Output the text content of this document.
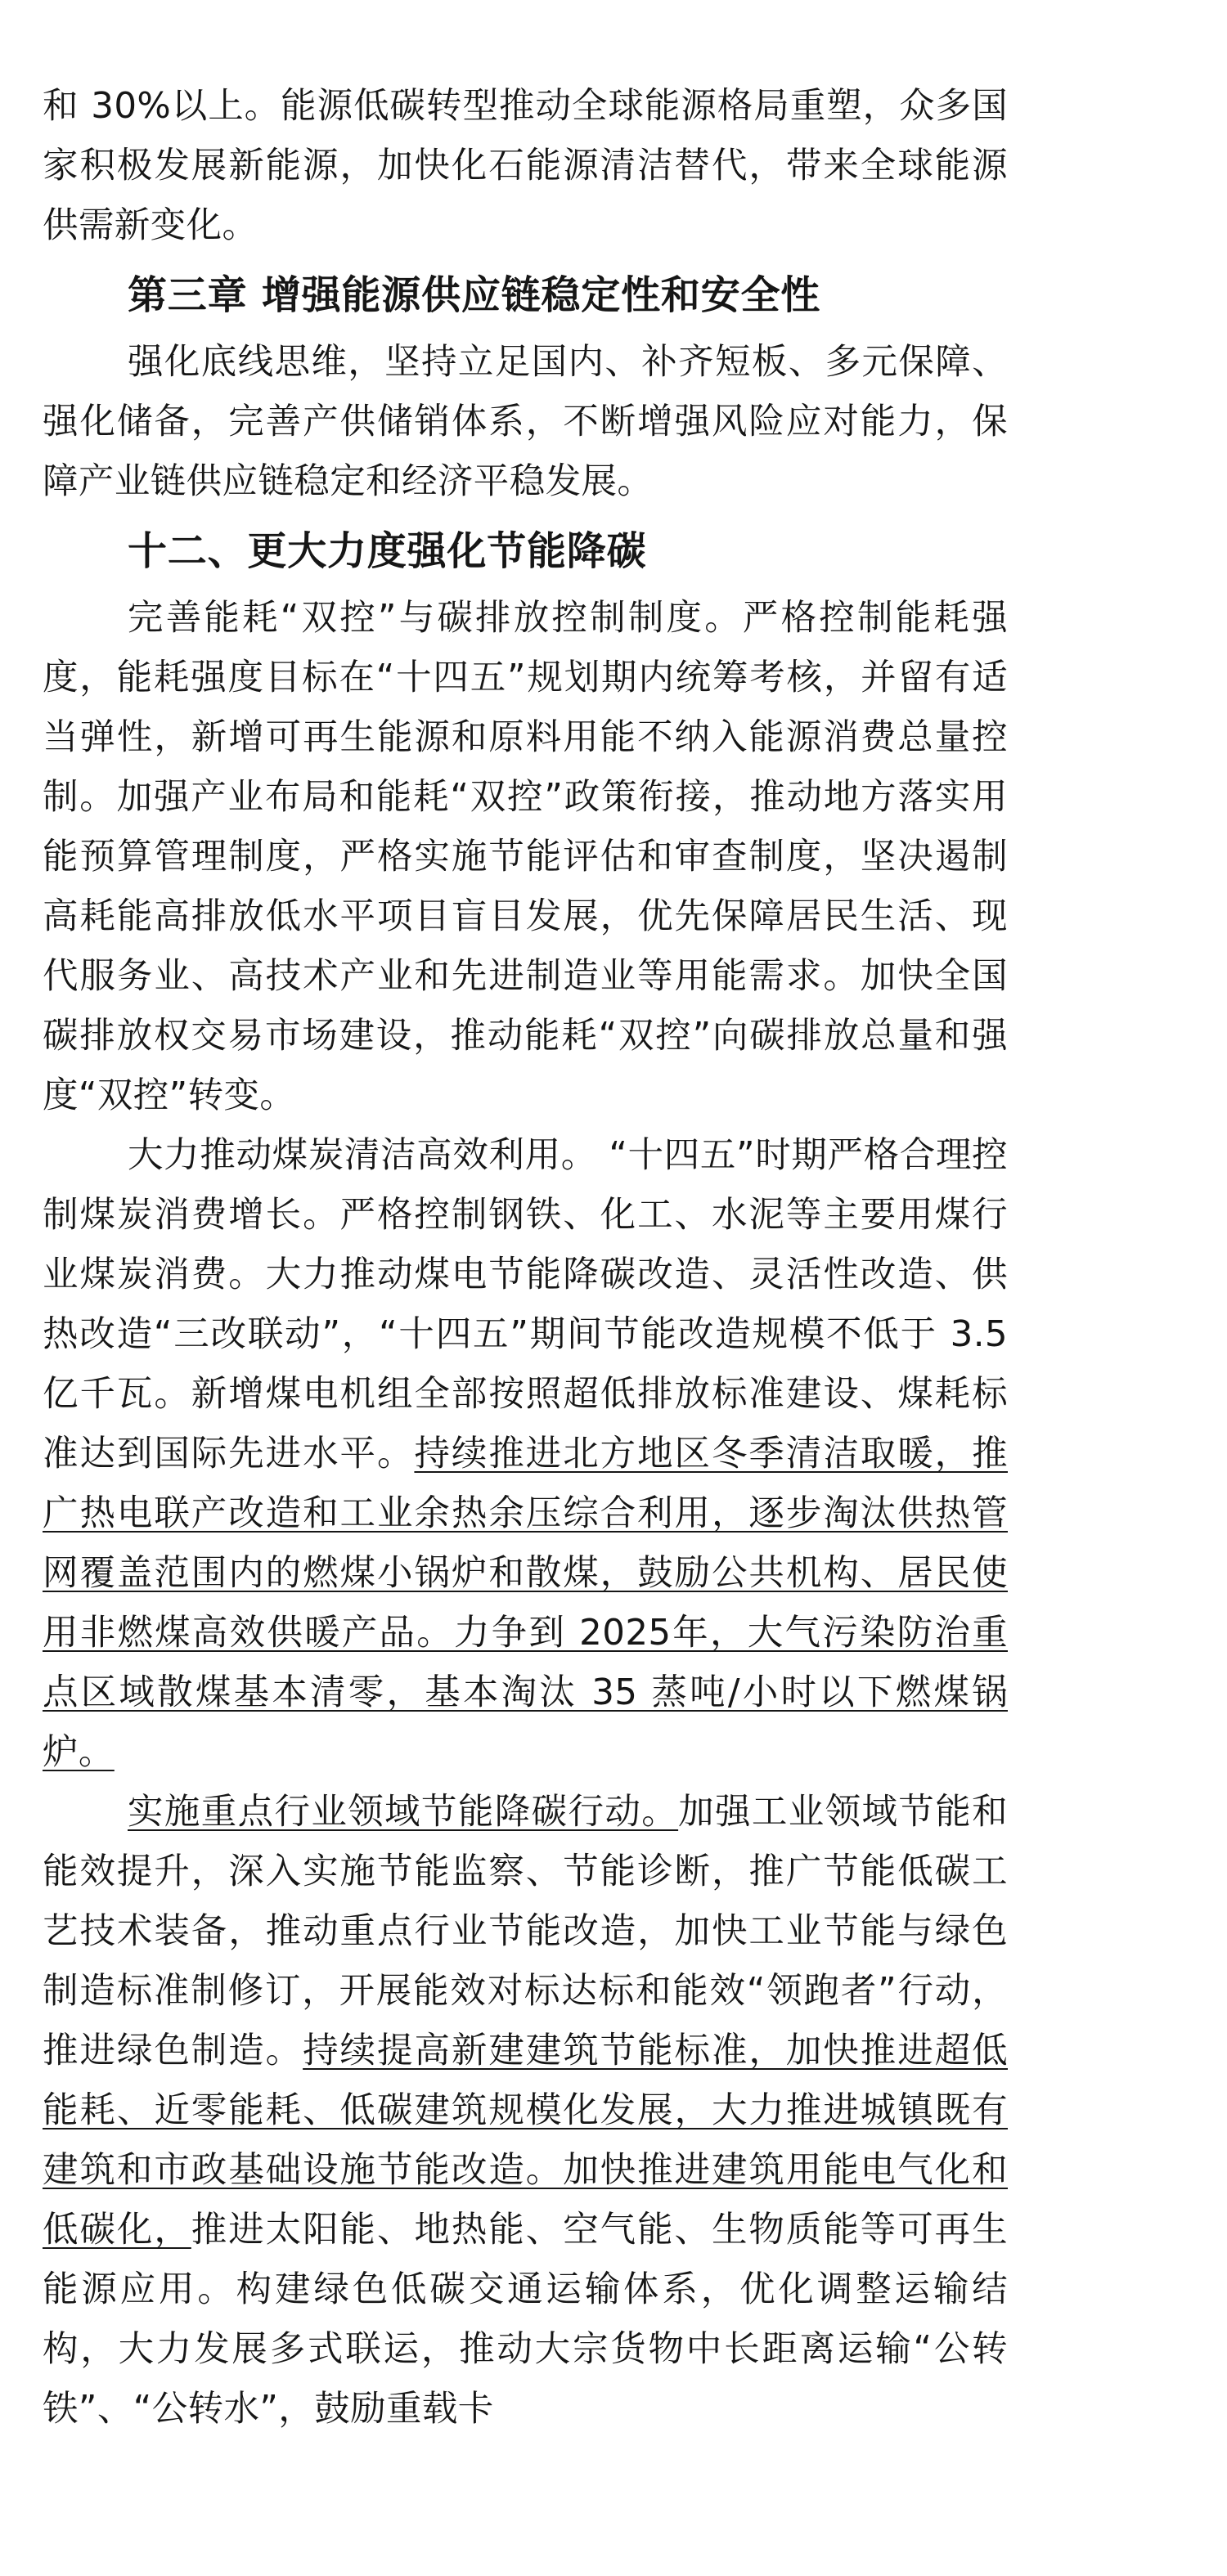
和 30%以上。能源低碳转型推动全球能源格局重塑，众多国家积极发展新能源，加快化石能源清洁替代，带来全球能源供需新变化。

第三章 增强能源供应链稳定性和安全性

强化底线思维，坚持立足国内、补齐短板、多元保障、强化储备，完善产供储销体系，不断增强风险应对能力，保障产业链供应链稳定和经济平稳发展。

十二、更大力度强化节能降碳

完善能耗“双控”与碳排放控制制度。严格控制能耗强度，能耗强度目标在“十四五”规划期内统筹考核，并留有适当弹性，新增可再生能源和原料用能不纳入能源消费总量控制。加强产业布局和能耗“双控”政策衔接，推动地方落实用能预算管理制度，严格实施节能评估和审查制度，坚决遏制高耗能高排放低水平项目盲目发展，优先保障居民生活、现代服务业、高技术产业和先进制造业等用能需求。加快全国碳排放权交易市场建设，推动能耗“双控”向碳排放总量和强度“双控”转变。

大力推动煤炭清洁高效利用。 “十四五”时期严格合理控制煤炭消费增长。严格控制钢铁、化工、水泥等主要用煤行业煤炭消费。大力推动煤电节能降碳改造、灵活性改造、供热改造“三改联动”，“十四五”期间节能改造规模不低于 3.5 亿千瓦。新增煤电机组全部按照超低排放标准建设、煤耗标准达到国际先进水平。持续推进北方地区冬季清洁取暖，推广热电联产改造和工业余热余压综合利用，逐步淘汰供热管网覆盖范围内的燃煤小锅炉和散煤，鼓励公共机构、居民使用非燃煤高效供暖产品。力争到 2025年，大气污染防治重点区域散煤基本清零，基本淘汰 35 蒸吨/小时以下燃煤锅炉。

实施重点行业领域节能降碳行动。加强工业领域节能和能效提升，深入实施节能监察、节能诊断，推广节能低碳工艺技术装备，推动重点行业节能改造，加快工业节能与绿色制造标准制修订，开展能效对标达标和能效“领跑者”行动，推进绿色制造。持续提高新建建筑节能标准，加快推进超低能耗、近零能耗、低碳建筑规模化发展，大力推进城镇既有建筑和市政基础设施节能改造。加快推进建筑用能电气化和低碳化，推进太阳能、地热能、空气能、生物质能等可再生能源应用。构建绿色低碳交通运输体系，优化调整运输结构，大力发展多式联运，推动大宗货物中长距离运输“公转铁”、“公转水”，鼓励重载卡
